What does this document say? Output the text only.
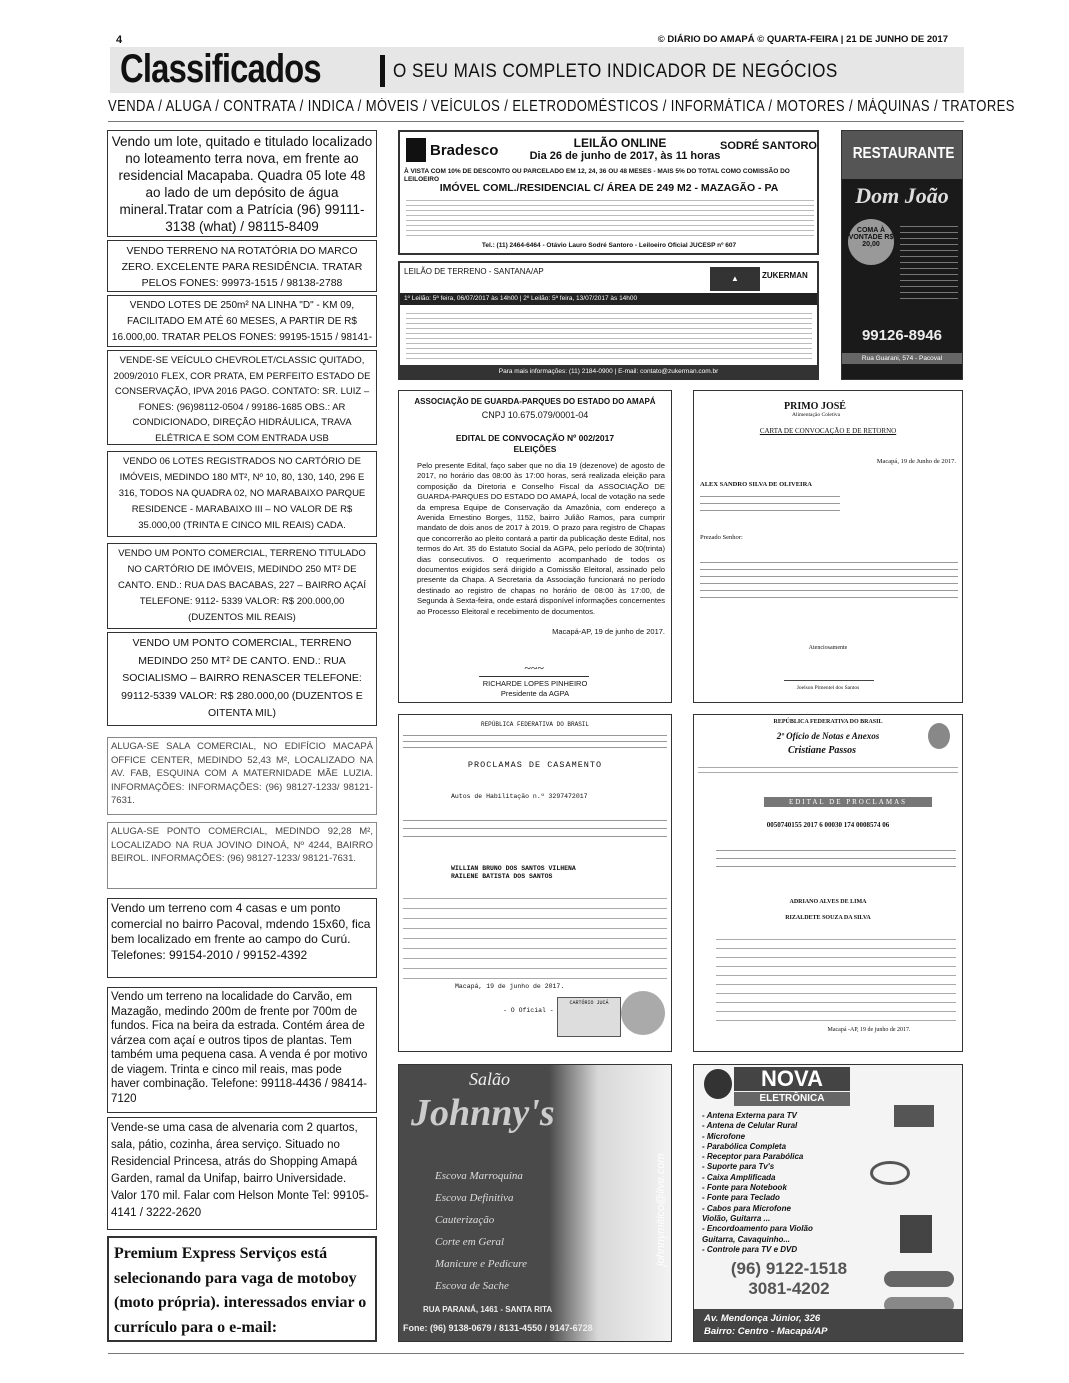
4	© DIÁRIO DO AMAPÁ © QUARTA-FEIRA | 21 DE JUNHO DE 2017
Classificados	O SEU MAIS COMPLETO INDICADOR DE NEGÓCIOS
VENDA / ALUGA / CONTRATA / INDICA / MÓVEIS / VEÍCULOS / ELETRODOMÉSTICOS / INFORMÁTICA / MOTORES / MÁQUINAS / TRATORES
Vendo um lote, quitado e titulado localizado no loteamento terra nova, em frente ao residencial Macapaba. Quadra 05 lote 48 ao lado de um depósito de água mineral.Tratar com a Patrícia (96) 99111-3138 (what) / 98115-8409
VENDO TERRENO NA ROTATÓRIA DO MARCO ZERO. EXCELENTE PARA RESIDÊNCIA. TRATAR PELOS FONES: 99973-1515 / 98138-2788
VENDO LOTES DE 250m² NA LINHA "D" - KM 09, FACILITADO EM ATÉ 60 MESES, A PARTIR DE R$ 16.000,00. TRATAR PELOS FONES: 99195-1515 / 98141-
VENDE-SE VEÍCULO CHEVROLET/CLASSIC QUITADO, 2009/2010 FLEX, COR PRATA, EM PERFEITO ESTADO DE CONSERVAÇÃO, IPVA 2016 PAGO. CONTATO: SR. LUIZ – FONES: (96)98112-0504 / 99186-1685 OBS.: AR CONDICIONADO, DIREÇÃO HIDRÁULICA, TRAVA ELÉTRICA E SOM COM ENTRADA USB
VENDO 06 LOTES REGISTRADOS NO CARTÓRIO DE IMÓVEIS, MEDINDO 180 MT², Nº 10, 80, 130, 140, 296 E 316, TODOS NA QUADRA 02, NO MARABAIXO PARQUE RESIDENCE - MARABAIXO III – NO VALOR DE R$ 35.000,00 (TRINTA E CINCO MIL REAIS) CADA.
VENDO UM PONTO COMERCIAL, TERRENO TITULADO NO CARTÓRIO DE IMÓVEIS, MEDINDO 250 MT² DE CANTO. END.: RUA DAS BACABAS, 227 – BAIRRO AÇAÍ TELEFONE: 9112- 5339 VALOR: R$ 200.000,00 (DUZENTOS MIL REAIS)
VENDO UM PONTO COMERCIAL, TERRENO MEDINDO 250 MT² DE CANTO. END.: RUA SOCIALISMO – BAIRRO RENASCER TELEFONE: 99112-5339 VALOR: R$ 280.000,00 (DUZENTOS E OITENTA MIL)
ALUGA-SE SALA COMERCIAL, NO EDIFÍCIO MACAPÁ OFFICE CENTER, MEDINDO 52,43 M², LOCALIZADO NA AV. FAB, ESQUINA COM A MATERNIDADE MÃE LUZIA. INFORMAÇÕES: INFORMAÇÕES: (96) 98127-1233/ 98121-7631.
ALUGA-SE PONTO COMERCIAL, MEDINDO 92,28 M², LOCALIZADO NA RUA JOVINO DINOÁ, Nº 4244, BAIRRO BEIROL. INFORMAÇÕES: (96) 98127-1233/ 98121-7631.
Vendo um terreno com 4 casas e um ponto comercial no bairro Pacoval, mdendo 15x60, fica bem localizado em frente ao campo do Curú. Telefones: 99154-2010 / 99152-4392
Vendo um terreno na localidade do Carvão, em Mazagão, medindo 200m de frente por 700m de fundos. Fica na beira da estrada. Contém área de várzea com açaí e outros tipos de plantas. Tem também uma pequena casa. A venda é por motivo de viagem. Trinta e cinco mil reais, mas pode haver combinação. Telefone: 99118-4436 / 98414-7120
Vende-se uma casa de alvenaria com 2 quartos, sala, pátio, cozinha, área serviço. Situado no Residencial Princesa, atrás do Shopping Amapá Garden, ramal da Unifap, bairro Universidade. Valor 170 mil. Falar com Helson Monte Tel: 99105-4141 / 3222-2620
Premium Express Serviços está selecionando para vaga de motoboy (moto própria). interessados enviar o currículo para o e-mail:
Bradesco	LEILÃO ONLINE
Dia 26 de junho de 2017, às 11 horas
SODRÉ SANTORO
À VISTA COM 10% DE DESCONTO OU PARCELADO EM 12, 24, 36 OU 48 MESES - MAIS 5% DO TOTAL COMO COMISSÃO DO LEILOEIRO
IMÓVEL COML./RESIDENCIAL C/ ÁREA DE 249 M2 - MAZAGÃO - PA
Tel.: (11) 2464-6464 - Otávio Lauro Sodré Santoro - Leiloeiro Oficial JUCESP nº 607
LEILÃO DE TERRENO - SANTANA/AP
▲	ZUKERMAN
1º Leilão: 5ª feira, 06/07/2017 às 14h00 | 2º Leilão: 5ª feira, 13/07/2017 às 14h00
Para mais informações: (11) 2184-0900 | E-mail: contato@zukerman.com.br
RESTAURANTE
Dom João
COMA À VONTADE R$ 20,00
99126-8946
Rua Guarani, 574 - Pacoval
ASSOCIAÇÃO DE GUARDA-PARQUES DO ESTADO DO AMAPÁ
CNPJ 10.675.079/0001-04
EDITAL DE CONVOCAÇÃO Nº 002/2017
ELEIÇÕES
Pelo presente Edital, faço saber que no dia 19 (dezenove) de agosto de 2017, no horário das 08:00 às 17:00 horas, será realizada eleição para composição da Diretoria e Conselho Fiscal da ASSOCIAÇÃO DE GUARDA-PARQUES DO ESTADO DO AMAPÁ, local de votação na sede da empresa Equipe de Conservação da Amazônia, com endereço a Avenida Ernestino Borges, 1152, bairro Julião Ramos, para cumprir mandato de dois anos de 2017 à 2019. O prazo para registro de Chapas que concorrerão ao pleito contará a partir da publicação deste Edital, nos termos do Art. 35 do Estatuto Social da AGPA, pelo período de 30(trinta) dias consecutivos. O requerimento acompanhado de todos os documentos exigidos será dirigido a Comissão Eleitoral, assinado pelo presente da Chapa. A Secretaria da Associação funcionará no período destinado ao registro de chapas no horário de 08:00 às 17:00, de Segunda à Sexta-feira, onde estará disponível informações concernentes ao Processo Eleitoral e recebimento de documentos.
Macapá-AP, 19 de junho de 2017.
~~~
RICHARDE LOPES PINHEIRO
Presidente da AGPA
PRIMO JOSÉ
Alimentação Coletiva
CARTA DE CONVOCAÇÃO E DE RETORNO
Macapá, 19 de Junho de 2017.
ALEX SANDRO SILVA DE OLIVEIRA
Prezado Senhor:
Atenciosamente
Joelson Pimentel dos Santos
REPÚBLICA FEDERATIVA DO BRASIL
PROCLAMAS DE CASAMENTO
Autos de Habilitação n.º 3297472017
WILLIAN BRUNO DOS SANTOS VILHENA
RAILENE BATISTA DOS SANTOS
Macapá, 19 de junho de 2017.
- O Oficial -
CARTÓRIO JUCÁ
REPÚBLICA FEDERATIVA DO BRASIL
2º Ofício de Notas e Anexos
Cristiane Passos
EDITAL DE PROCLAMAS
0050740155 2017 6 00030 174 0008574 06
ADRIANO ALVES DE LIMA
RIZALDETE SOUZA DA SILVA
Macapá -AP, 19 de junho de 2017.
Salão
Johnny's
Escova Marroquina
Escova Definitiva
Cauterização
Corte em Geral
Manicure e Pedicure
Escova de Sache
RUA PARANÁ, 1461 - SANTA RITA
Fone: (96) 9138-0679 / 8131-4550 / 9147-6728
johnnymitico@live.com
NOVA
ELETRÔNICA
- Antena Externa para TV
- Antena de Celular Rural
- Microfone
- Parabólica Completa
- Receptor para Parabólica
- Suporte para Tv's
- Caixa Amplificada
- Fonte para Notebook
- Fonte para Teclado
- Cabos para Microfone
Violão, Guitarra ...
- Encordoamento para Violão
Guitarra, Cavaquinho...
- Controle para TV e DVD
(96) 9122-1518
3081-4202
Av. Mendonça Júnior, 326
Bairro: Centro - Macapá/AP
